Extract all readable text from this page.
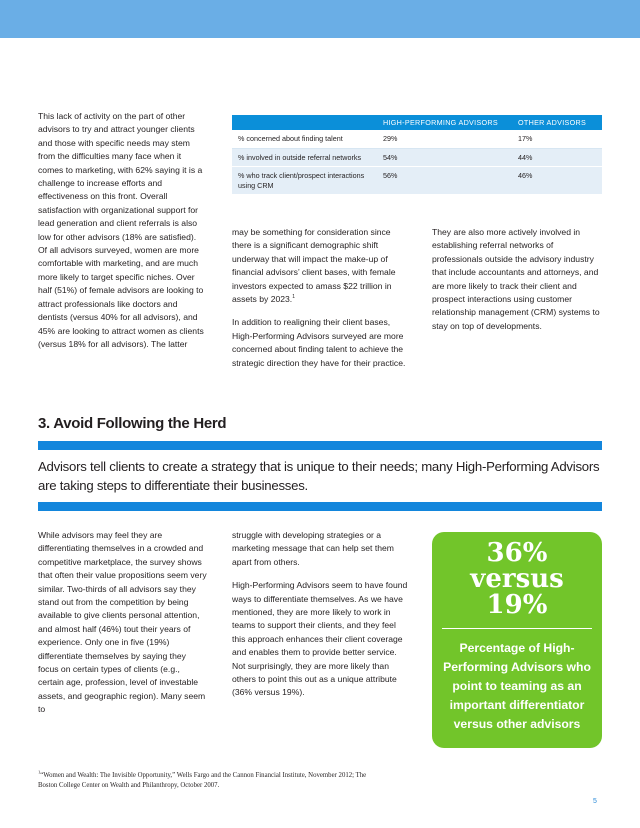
This lack of activity on the part of other advisors to try and attract younger clients and those with specific needs may stem from the difficulties many face when it comes to marketing, with 62% saying it is a challenge to increase efforts and effectiveness on this front. Overall satisfaction with organizational support for lead generation and client referrals is also low for other advisors (18% are satisfied). Of all advisors surveyed, women are more comfortable with marketing, and are much more likely to target specific niches. Over half (51%) of female advisors are looking to attract professionals like doctors and dentists (versus 40% for all advisors), and 45% are looking to attract women as clients (versus 18% for all advisors). The latter

	HIGH-PERFORMING ADVISORS	OTHER ADVISORS
% concerned about finding talent	29%	17%
% involved in outside referral networks	54%	44%
% who track client/prospect interactions using CRM	56%	46%

may be something for consideration since there is a significant demographic shift underway that will impact the make-up of financial advisors’ client bases, with female investors expected to amass $22 trillion in assets by 2023.$^1$

In addition to realigning their client bases, High-Performing Advisors surveyed are more concerned about finding talent to achieve the strategic direction they have for their practice.

They are also more actively involved in establishing referral networks of professionals outside the advisory industry that include accountants and attorneys, and are more likely to track their client and prospect interactions using customer relationship management (CRM) systems to stay on top of developments.

3. Avoid Following the Herd
Advisors tell clients to create a strategy that is unique to their needs; many High-Performing Advisors are taking steps to differentiate their businesses.

While advisors may feel they are differentiating themselves in a crowded and competitive marketplace, the survey shows that often their value propositions seem very similar. Two-thirds of all advisors say they stand out from the competition by being available to give clients personal attention, and almost half (46%) tout their years of experience. Only one in five (19%) differentiate themselves by saying they focus on certain types of clients (e.g., certain age, profession, level of investable assets, and geographic region). Many seem to

struggle with developing strategies or a marketing message that can help set them apart from others.

High-Performing Advisors seem to have found ways to differentiate themselves. As we have mentioned, they are more likely to work in teams to support their clients, and they feel this approach enhances their client coverage and enables them to provide better service. Not surprisingly, they are more likely than others to point this out as a unique attribute (36% versus 19%).

36%
versus
19%
Percentage of High-Performing Advisors who point to teaming as an important differentiator versus other advisors
$^1$“Women and Wealth: The Invisible Opportunity,” Wells Fargo and the Cannon Financial Institute, November 2012; The Boston College Center on Wealth and Philanthropy, October 2007.
5
